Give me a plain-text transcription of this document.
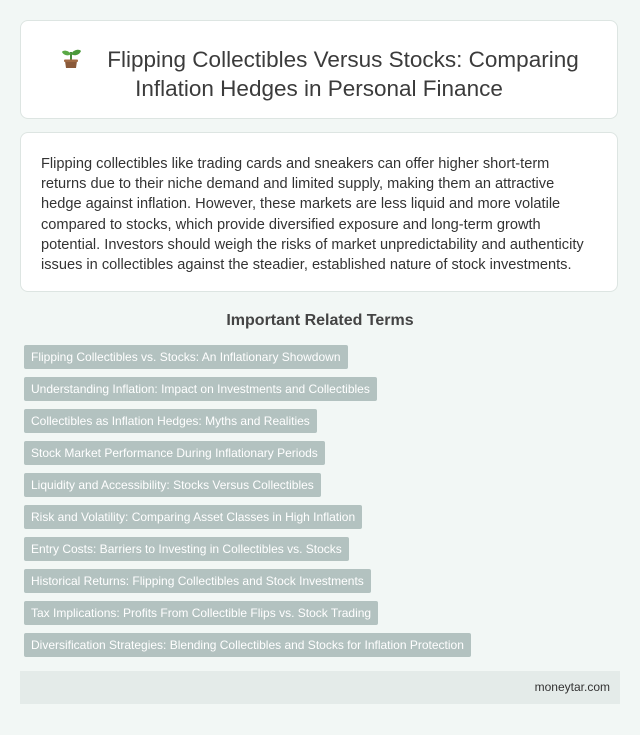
Flipping Collectibles Versus Stocks: Comparing Inflation Hedges in Personal Finance

Flipping collectibles like trading cards and sneakers can offer higher short-term returns due to their niche demand and limited supply, making them an attractive hedge against inflation. However, these markets are less liquid and more volatile compared to stocks, which provide diversified exposure and long-term growth potential. Investors should weigh the risks of market unpredictability and authenticity issues in collectibles against the steadier, established nature of stock investments.

Important Related Terms
Flipping Collectibles vs. Stocks: An Inflationary Showdown
Understanding Inflation: Impact on Investments and Collectibles
Collectibles as Inflation Hedges: Myths and Realities
Stock Market Performance During Inflationary Periods
Liquidity and Accessibility: Stocks Versus Collectibles
Risk and Volatility: Comparing Asset Classes in High Inflation
Entry Costs: Barriers to Investing in Collectibles vs. Stocks
Historical Returns: Flipping Collectibles and Stock Investments
Tax Implications: Profits From Collectible Flips vs. Stock Trading
Diversification Strategies: Blending Collectibles and Stocks for Inflation Protection
moneytar.com
